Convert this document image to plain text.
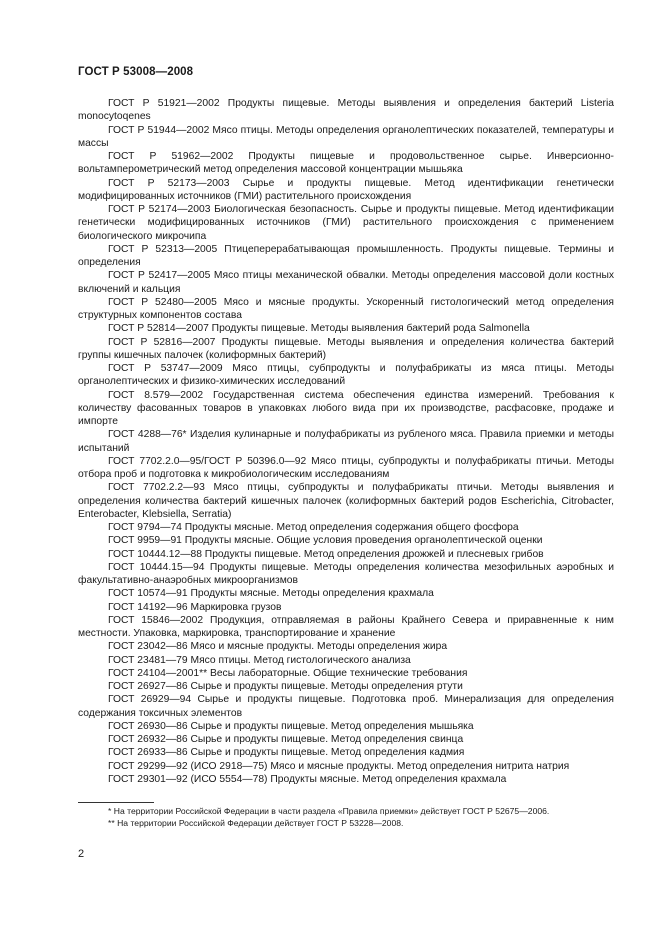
ГОСТ Р 53008—2008

ГОСТ Р 51921—2002 Продукты пищевые. Методы выявления и определения бактерий Listeria monocytoqenes

ГОСТ Р 51944—2002 Мясо птицы. Методы определения органолептических показателей, температуры и массы

ГОСТ Р 51962—2002 Продукты пищевые и продовольственное сырье. Инверсионно-вольтамперометрический метод определения массовой концентрации мышьяка

ГОСТ Р 52173—2003 Сырье и продукты пищевые. Метод идентификации генетически модифицированных источников (ГМИ) растительного происхождения

ГОСТ Р 52174—2003 Биологическая безопасность. Сырье и продукты пищевые. Метод идентификации генетически модифицированных источников (ГМИ) растительного происхождения с применением биологического микрочипа

ГОСТ Р 52313—2005 Птицеперерабатывающая промышленность. Продукты пищевые. Термины и определения

ГОСТ Р 52417—2005 Мясо птицы механической обвалки. Методы определения массовой доли костных включений и кальция

ГОСТ Р 52480—2005 Мясо и мясные продукты. Ускоренный гистологический метод определения структурных компонентов состава

ГОСТ Р 52814—2007 Продукты пищевые. Методы выявления бактерий рода Salmonella

ГОСТ Р 52816—2007 Продукты пищевые. Методы выявления и определения количества бактерий группы кишечных палочек (колиформных бактерий)

ГОСТ Р 53747—2009 Мясо птицы, субпродукты и полуфабрикаты из мяса птицы. Методы органолептических и физико-химических исследований

ГОСТ 8.579—2002 Государственная система обеспечения единства измерений. Требования к количеству фасованных товаров в упаковках любого вида при их производстве, расфасовке, продаже и импорте

ГОСТ 4288—76* Изделия кулинарные и полуфабрикаты из рубленого мяса. Правила приемки и методы испытаний

ГОСТ 7702.2.0—95/ГОСТ Р 50396.0—92 Мясо птицы, субпродукты и полуфабрикаты птичьи. Методы отбора проб и подготовка к микробиологическим исследованиям

ГОСТ 7702.2.2—93 Мясо птицы, субпродукты и полуфабрикаты птичьи. Методы выявления и определения количества бактерий кишечных палочек (колиформных бактерий родов Escherichia, Citrobacter, Enterobacter, Klebsiella, Serratia)

ГОСТ 9794—74 Продукты мясные. Метод определения содержания общего фосфора

ГОСТ 9959—91 Продукты мясные. Общие условия проведения органолептической оценки

ГОСТ 10444.12—88 Продукты пищевые. Метод определения дрожжей и плесневых грибов

ГОСТ 10444.15—94 Продукты пищевые. Методы определения количества мезофильных аэробных и факультативно-анаэробных микроорганизмов

ГОСТ 10574—91 Продукты мясные. Методы определения крахмала

ГОСТ 14192—96 Маркировка грузов

ГОСТ 15846—2002 Продукция, отправляемая в районы Крайнего Севера и приравненные к ним местности. Упаковка, маркировка, транспортирование и хранение

ГОСТ 23042—86 Мясо и мясные продукты. Методы определения жира

ГОСТ 23481—79 Мясо птицы. Метод гистологического анализа

ГОСТ 24104—2001** Весы лабораторные. Общие технические требования

ГОСТ 26927—86 Сырье и продукты пищевые. Методы определения ртути

ГОСТ 26929—94 Сырье и продукты пищевые. Подготовка проб. Минерализация для определения содержания токсичных элементов

ГОСТ 26930—86 Сырье и продукты пищевые. Метод определения мышьяка

ГОСТ 26932—86 Сырье и продукты пищевые. Метод определения свинца

ГОСТ 26933—86 Сырье и продукты пищевые. Метод определения кадмия

ГОСТ 29299—92 (ИСО 2918—75) Мясо и мясные продукты. Метод определения нитрита натрия

ГОСТ 29301—92 (ИСО 5554—78) Продукты мясные. Метод определения крахмала

* На территории Российской Федерации в части раздела «Правила приемки» действует ГОСТ Р 52675—2006.

** На территории Российской Федерации действует ГОСТ Р 53228—2008.

2
